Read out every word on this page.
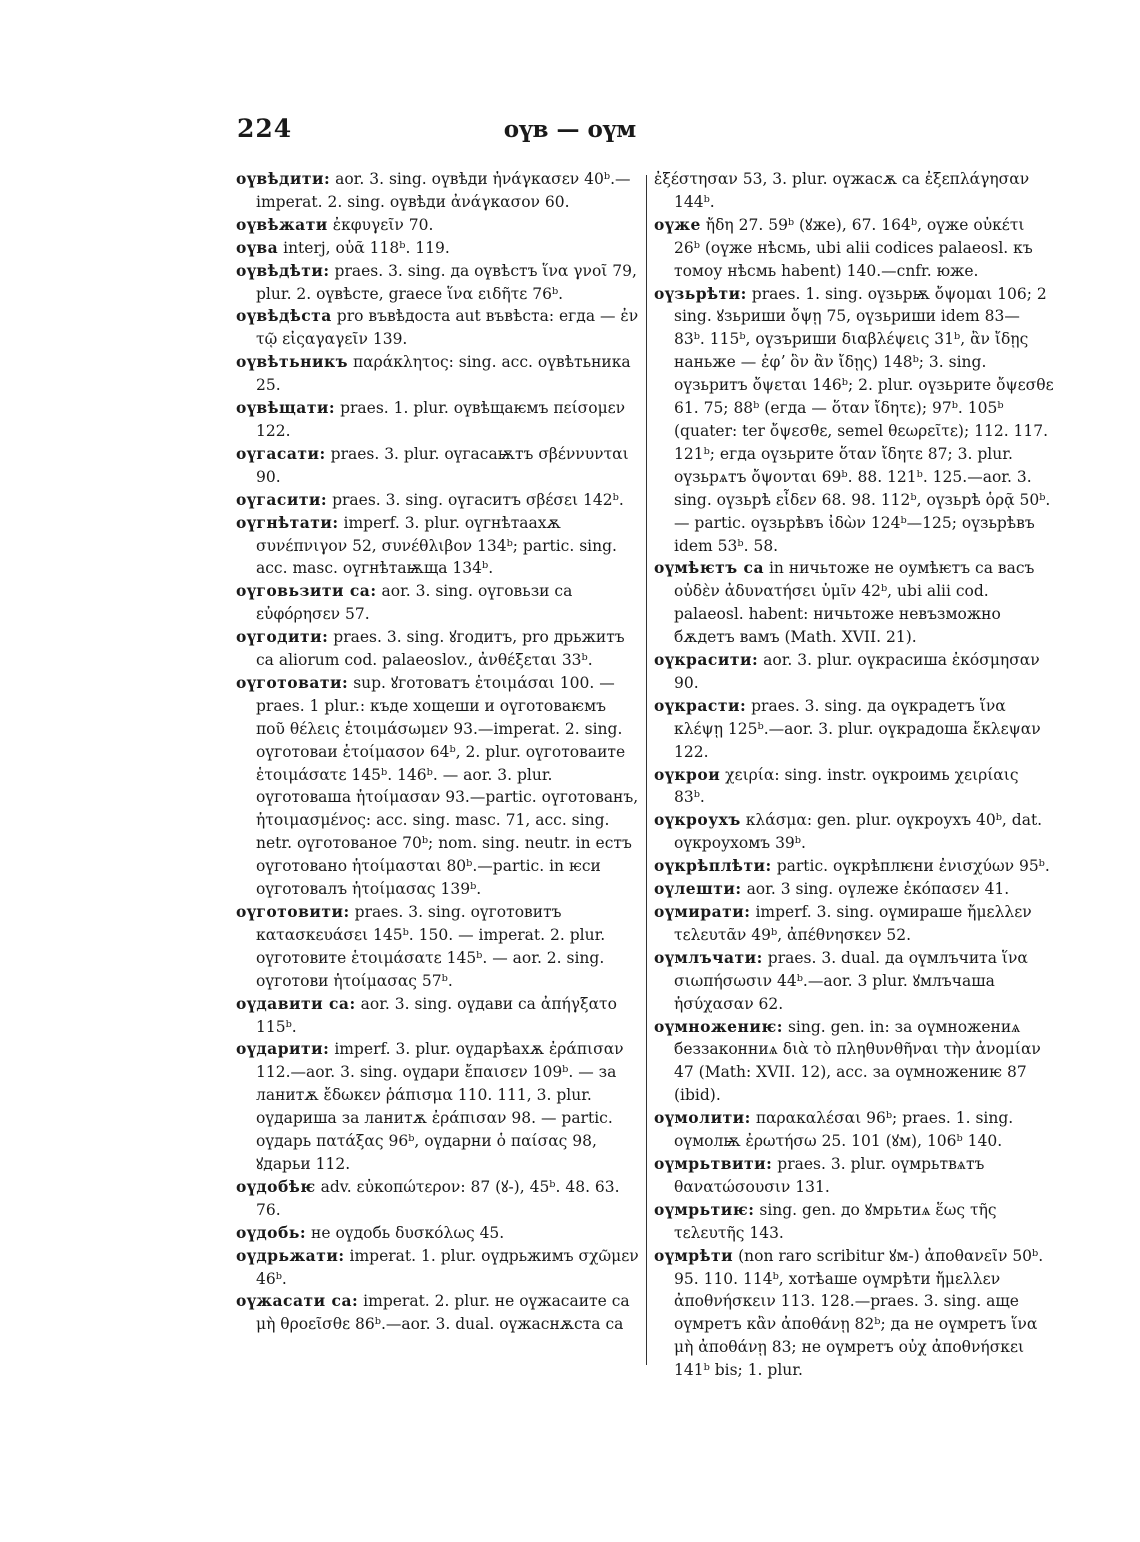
224	оүв — оүм

оүвѣдити: aor. 3. sing. оүвѣди ἠνάγκασεν 40ᵇ.— imperat. 2. sing. оүвѣди ἀνάγκασον 60.

оүвѣжати ἐκφυγεῖν 70.

оүва interj, οὐᾶ 118ᵇ. 119.

оүвѣдѣти: praes. 3. sing. да оүвѣстъ ἵνα γνοῖ 79, plur. 2. оүвѣсте, graece ἵνα ειδῆτε 76ᵇ.

оүвѣдѣста pro въвѣдоста aut въвѣста: егда — ἐν τῷ εἰςαγαγεῖν 139.

оүвѣтьникъ παράκλητος: sing. acc. оүвѣтьника 25.

оүвѣщати: praes. 1. plur. оүвѣщаѥмъ πείσομεν 122.

оүгасати: praes. 3. plur. оүгасаѭтъ σβέννυνται 90.

оүгасити: praes. 3. sing. оүгаситъ σβέσει 142ᵇ.

оүгнѣтати: imperf. 3. plur. оүгнѣтаахѫ συνέπνιγον 52, συνέθλιβον 134ᵇ; partic. sing. acc. masc. оүгнѣтаѭща 134ᵇ.

оүговьзити са: aor. 3. sing. оүговьзи са εὐφόρησεν 57.

оүгодити: praes. 3. sing. ꙋгодитъ, pro дрьжитъ са aliorum cod. palaeoslov., ἀνθέξεται 33ᵇ.

оүготовати: sup. ꙋготоватъ ἑτοιμάσαι 100. — praes. 1 plur.: къде хощеши и оүготоваѥмъ ποῦ θέλεις ἑτοιμάσωμεν 93.—imperat. 2. sing. оүготоваи ἑτοίμασον 64ᵇ, 2. plur. оүготоваите ἑτοιμάσατε 145ᵇ. 146ᵇ. — aor. 3. plur. оүготоваша ἡτοίμασαν 93.—partic. оүготованъ, ἡτοιμασμένος: acc. sing. masc. 71, acc. sing. netr. оүготованое 70ᵇ; nom. sing. neutr. in естъ оүготовано ἡτοίμασται 80ᵇ.—partic. in ѥси оүготовалъ ἡτοίμασας 139ᵇ.

оүготовити: praes. 3. sing. оүготовитъ κατασκευάσει 145ᵇ. 150. — imperat. 2. plur. оүготовите ἑτοιμάσατε 145ᵇ. — aor. 2. sing. оүготови ἡτοίμασας 57ᵇ.

оүдавити са: aor. 3. sing. оүдави са ἀπήγξατο 115ᵇ.

оүдарити: imperf. 3. plur. оүдарѣахѫ ἐράπισαν 112.—aor. 3. sing. оүдари ἔπαισεν 109ᵇ. — за ланитѫ ἔδωκεν ῥάπισμα 110. 111, 3. plur. оүдариша за ланитѫ ἐράπισαν 98. — partic. оүдарь πατάξας 96ᵇ, оүдарни ὁ παίσας 98, ꙋдарьи 112.

оүдобѣѥ adv. εὐκοπώτερον: 87 (ꙋ-), 45ᵇ. 48. 63. 76.

оүдобь: не оүдобь δυσκόλως 45.

оүдрьжати: imperat. 1. plur. оүдрьжимъ σχῶμεν 46ᵇ.

оүжасати са: imperat. 2. plur. не оүжасаите са μὴ θροεῖσθε 86ᵇ.—aor. 3. dual. оүжаснѫста са

ἐξέστησαν 53, 3. plur. оүжасѫ са ἐξεπλάγησαν 144ᵇ.

оүже ἤδη 27. 59ᵇ (ꙋже), 67. 164ᵇ, оүже οὐκέτι 26ᵇ (оүже нѣсмь, ubi alii codices palaeosl. къ томоу нѣсмь habent) 140.—cnfr. юже.

оүзьрѣти: praes. 1. sing. оүзьрѭ ὄψομαι 106; 2 sing. ꙋзьриши ὄψῃ 75, оүзьриши idem 83— 83ᵇ. 115ᵇ, оүзъриши διαβλέψεις 31ᵇ, ἂν ἴδῃς наньже — ἐφʼ ὃν ἂν ἴδῃς) 148ᵇ; 3. sing. оүзьритъ ὄψεται 146ᵇ; 2. plur. оүзьрите ὄψεσθε 61. 75; 88ᵇ (егда — ὅταν ἴδητε); 97ᵇ. 105ᵇ (quater: ter ὄψεσθε, semel θεωρεῖτε); 112. 117. 121ᵇ; егда оүзьрите ὅταν ἴδητε 87; 3. plur. оүзьрѧтъ ὄψονται 69ᵇ. 88. 121ᵇ. 125.—aor. 3. sing. оүзьрѣ εἶδεν 68. 98. 112ᵇ, оүзьрѣ ὁρᾷ 50ᵇ. — partic. оүзьрѣвъ ἰδὼν 124ᵇ—125; оүзьрѣвъ idem 53ᵇ. 58.

оүмѣѥтъ са in ничьтоже не оумѣѥтъ са васъ οὐδὲν ἀδυνατήσει ὑμῖν 42ᵇ, ubi alii cod. palaeosl. habent: ничьтоже невъзможно бѫдетъ вамъ (Math. XVII. 21).

оүкрасити: aor. 3. plur. оүкрасиша ἐκόσμησαν 90.

оүкрасти: praes. 3. sing. да оүкрадетъ ἵνα κλέψῃ 125ᵇ.—aor. 3. plur. оүкрадоша ἔκλεψαν 122.

оүкрои χειρία: sing. instr. оүкроимь χειρίαις 83ᵇ.

оүкроухъ κλάσμα: gen. plur. оүкроухъ 40ᵇ, dat. оүкроухомъ 39ᵇ.

оүкрѣплѣти: partic. оүкрѣплѥни ἐνισχύων 95ᵇ.

оүлешти: aor. 3 sing. оүлеже ἐκόπασεν 41.

оүмирати: imperf. 3. sing. оүмираше ἤμελλεν τελευτᾶν 49ᵇ, ἀπέθνησκεν 52.

оүмлъчати: praes. 3. dual. да оүмлъчита ἵνα σιωπήσωσιν 44ᵇ.—aor. 3 plur. ꙋмлъчаша ἡσύχασαν 62.

оүмножениѥ: sing. gen. in: за оүмножениѧ беззаконниѧ διὰ τὸ πληθυνθῆναι τὴν ἀνομίαν 47 (Math: XVII. 12), acc. за оүмножениѥ 87 (ibid).

оүмолити: παρακαλέσαι 96ᵇ; praes. 1. sing. оүмолѭ ἐρωτήσω 25. 101 (ꙋм), 106ᵇ 140.

оүмрьтвити: praes. 3. plur. оүмрьтвѧтъ θανατώσουσιν 131.

оүмрьтиѥ: sing. gen. до ꙋмрьтиѧ ἕως τῆς τελευτῆς 143.

оүмрѣти (non raro scribitur ꙋм-) ἀποθανεῖν 50ᵇ. 95. 110. 114ᵇ, хотѣаше оүмрѣти ἤμελλεν ἀποθνήσκειν 113. 128.—praes. 3. sing. аще оүмретъ κἂν ἀποθάνῃ 82ᵇ; да не оүмретъ ἵνα μὴ ἀποθάνῃ 83; не оүмретъ οὐχ ἀποθνήσκει 141ᵇ bis; 1. plur.
